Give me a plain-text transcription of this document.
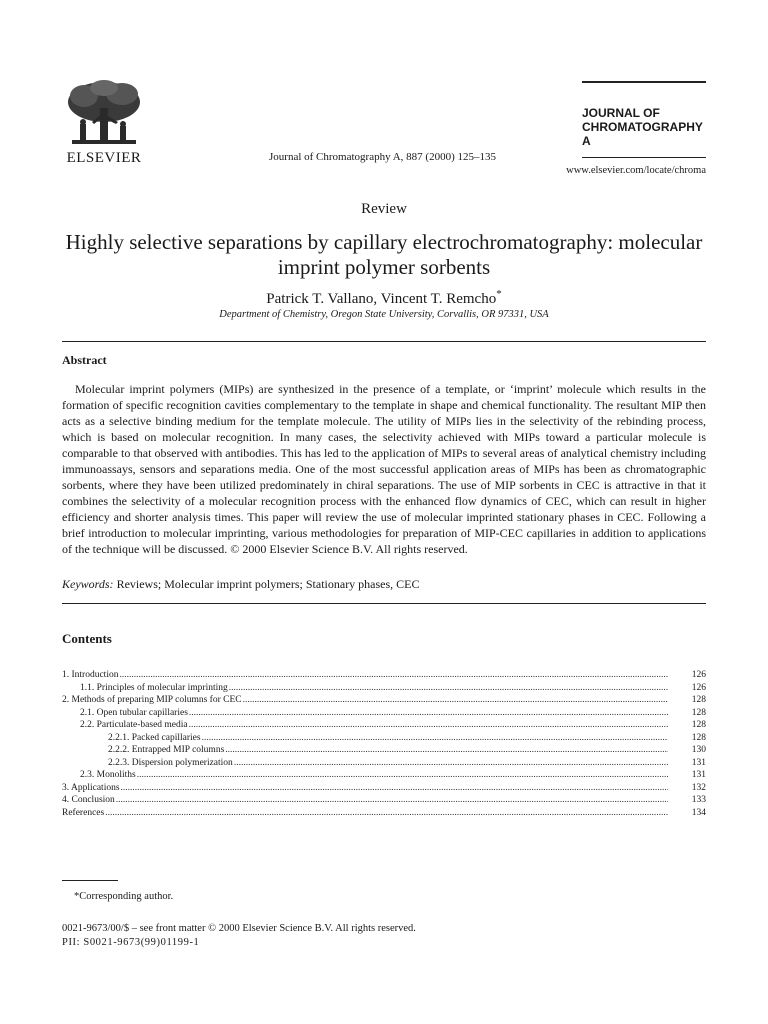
ELSEVIER	Journal of Chromatography A, 887 (2000) 125–135
JOURNAL OF
CHROMATOGRAPHY A
www.elsevier.com/locate/chroma
Review
Highly selective separations by capillary electrochromatography: molecular imprint polymer sorbents
Patrick T. Vallano, Vincent T. Remcho*
Department of Chemistry, Oregon State University, Corvallis, OR 97331, USA
Abstract

Molecular imprint polymers (MIPs) are synthesized in the presence of a template, or ‘imprint’ molecule which results in the formation of specific recognition cavities complementary to the template in shape and chemical functionality. The resultant MIP then acts as a selective binding medium for the template molecule. The utility of MIPs lies in the selectivity of the rebinding process, which is based on molecular recognition. In many cases, the selectivity achieved with MIPs toward a particular molecule is comparable to that observed with antibodies. This has led to the application of MIPs to several areas of analytical chemistry including immunoassays, sensors and separations media. One of the most successful application areas of MIPs has been as chromatographic sorbents, where they have been utilized predominately in chiral separations. The use of MIP sorbents in CEC is attractive in that it combines the selectivity of a molecular recognition process with the enhanced flow dynamics of CEC, which can result in higher efficiency and shorter analysis times. This paper will review the use of molecular imprinted stationary phases in CEC. Following a brief introduction to molecular imprinting, various methodologies for preparation of MIP-CEC capillaries in addition to applications of the technique will be discussed. © 2000 Elsevier Science B.V. All rights reserved.

Keywords: Reviews; Molecular imprint polymers; Stationary phases, CEC
Contents
1. Introduction .....	126
1.1. Principles of molecular imprinting .....	126
2. Methods of preparing MIP columns for CEC .....	128
2.1. Open tubular capillaries .....	128
2.2. Particulate-based media .....	128
2.2.1. Packed capillaries .....	128
2.2.2. Entrapped MIP columns .....	130
2.2.3. Dispersion polymerization .....	131
2.3. Monoliths .....	131
3. Applications .....	132
4. Conclusion .....	133
References .....	134
*Corresponding author.
0021-9673/00/$ – see front matter © 2000 Elsevier Science B.V. All rights reserved.
PII: S0021-9673(99)01199-1
